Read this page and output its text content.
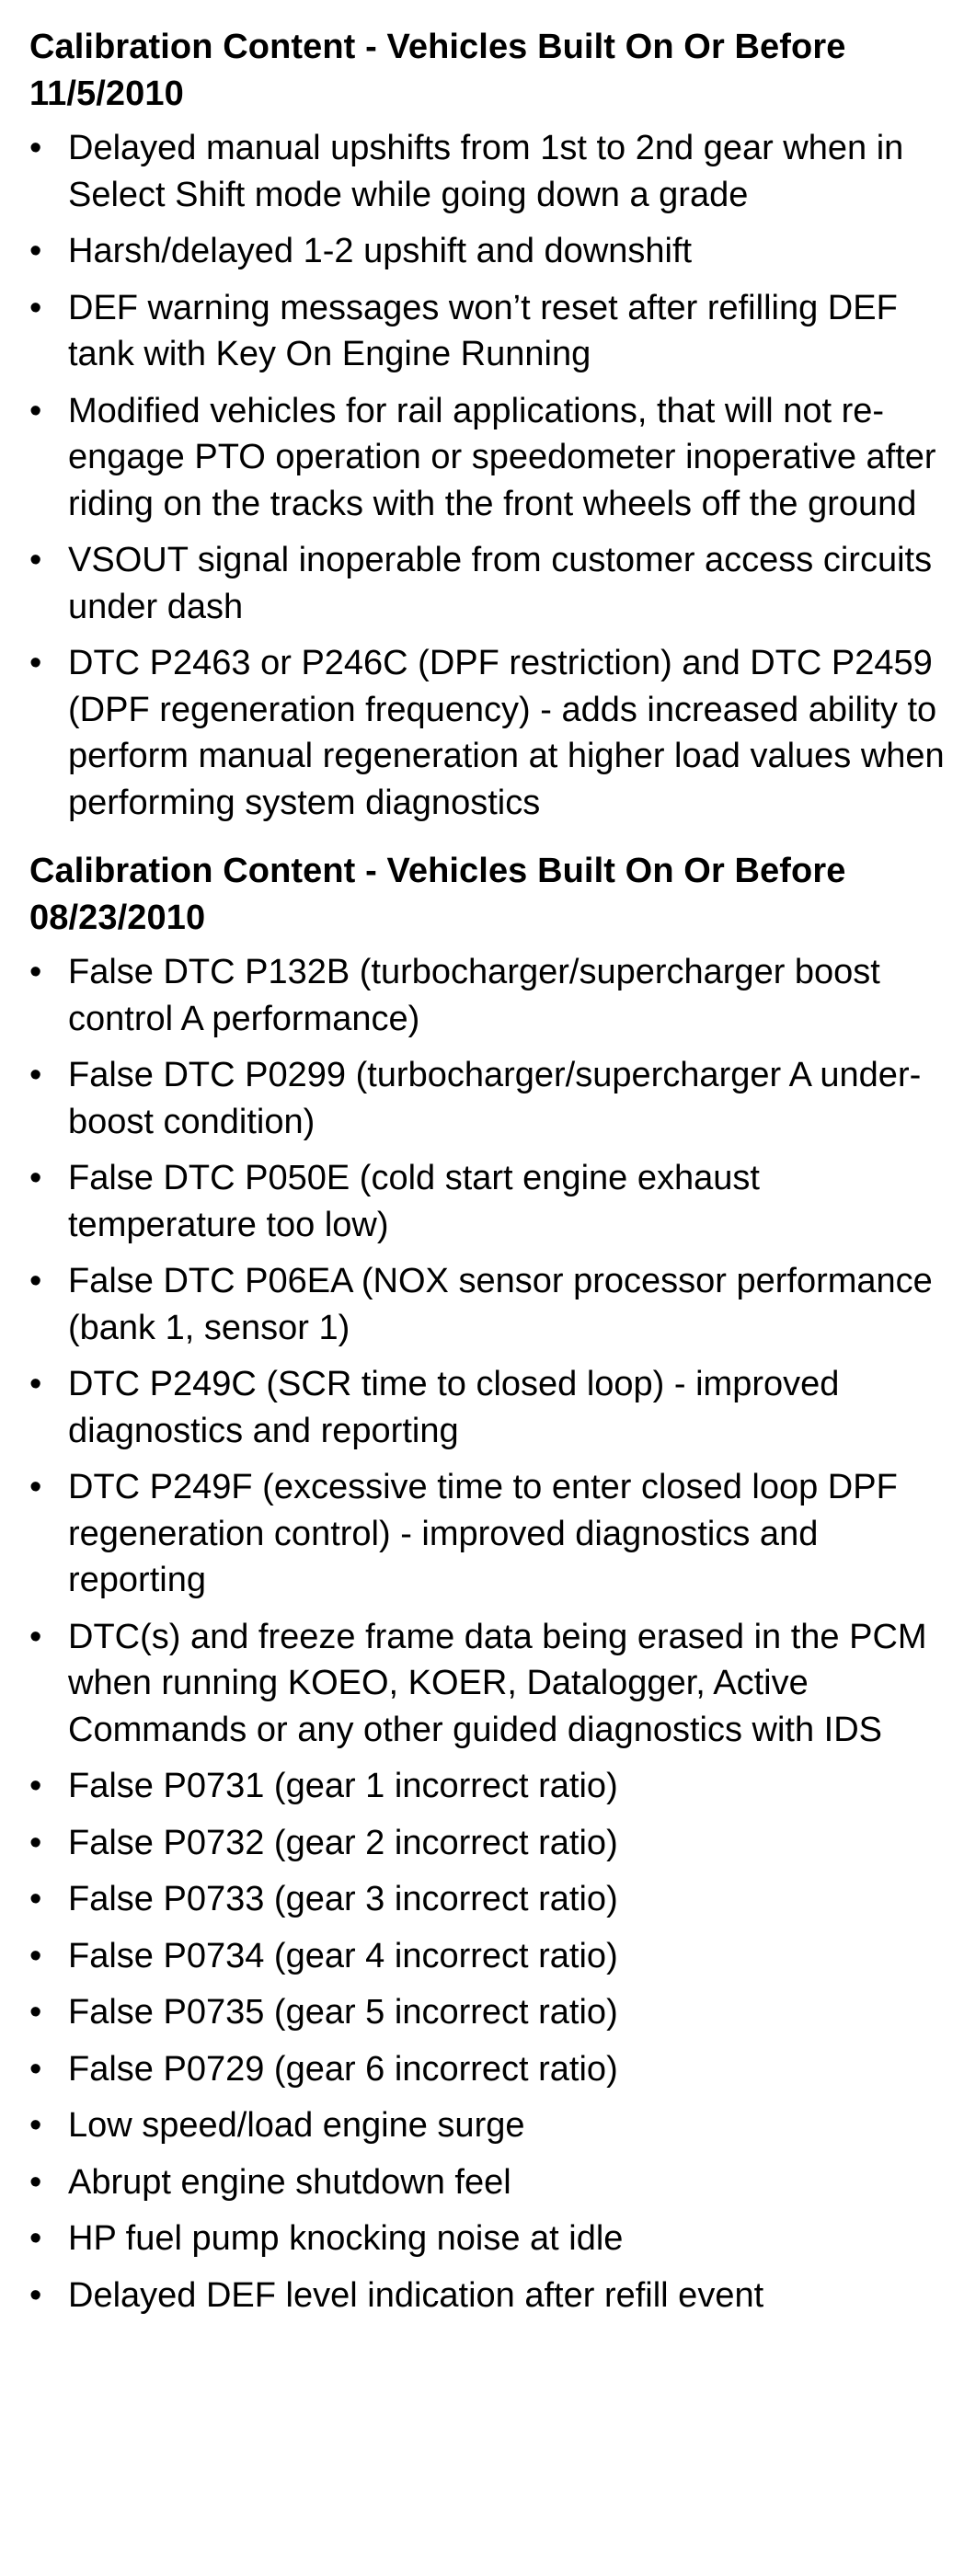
Calibration Content - Vehicles Built On Or Before 11/5/2010
• Delayed manual upshifts from 1st to 2nd gear when in Select Shift mode while going down a grade
• Harsh/delayed 1-2 upshift and downshift
• DEF warning messages won’t reset after refilling DEF tank with Key On Engine Running
• Modified vehicles for rail applications, that will not re-engage PTO operation or speedometer inoperative after riding on the tracks with the front wheels off the ground
• VSOUT signal inoperable from customer access circuits under dash
• DTC P2463 or P246C (DPF restriction) and DTC P2459 (DPF regeneration frequency) - adds increased ability to perform manual regeneration at higher load values when performing system diagnostics
Calibration Content - Vehicles Built On Or Before 08/23/2010
• False DTC P132B (turbocharger/supercharger boost control A performance)
• False DTC P0299 (turbocharger/supercharger A under-boost condition)
• False DTC P050E (cold start engine exhaust temperature too low)
• False DTC P06EA (NOX sensor processor performance (bank 1, sensor 1)
• DTC P249C (SCR time to closed loop) - improved diagnostics and reporting
• DTC P249F (excessive time to enter closed loop DPF regeneration control) - improved diagnostics and reporting
• DTC(s) and freeze frame data being erased in the PCM when running KOEO, KOER, Datalogger, Active Commands or any other guided diagnostics with IDS
• False P0731 (gear 1 incorrect ratio)
• False P0732 (gear 2 incorrect ratio)
• False P0733 (gear 3 incorrect ratio)
• False P0734 (gear 4 incorrect ratio)
• False P0735 (gear 5 incorrect ratio)
• False P0729 (gear 6 incorrect ratio)
• Low speed/load engine surge
• Abrupt engine shutdown feel
• HP fuel pump knocking noise at idle
• Delayed DEF level indication after refill event
